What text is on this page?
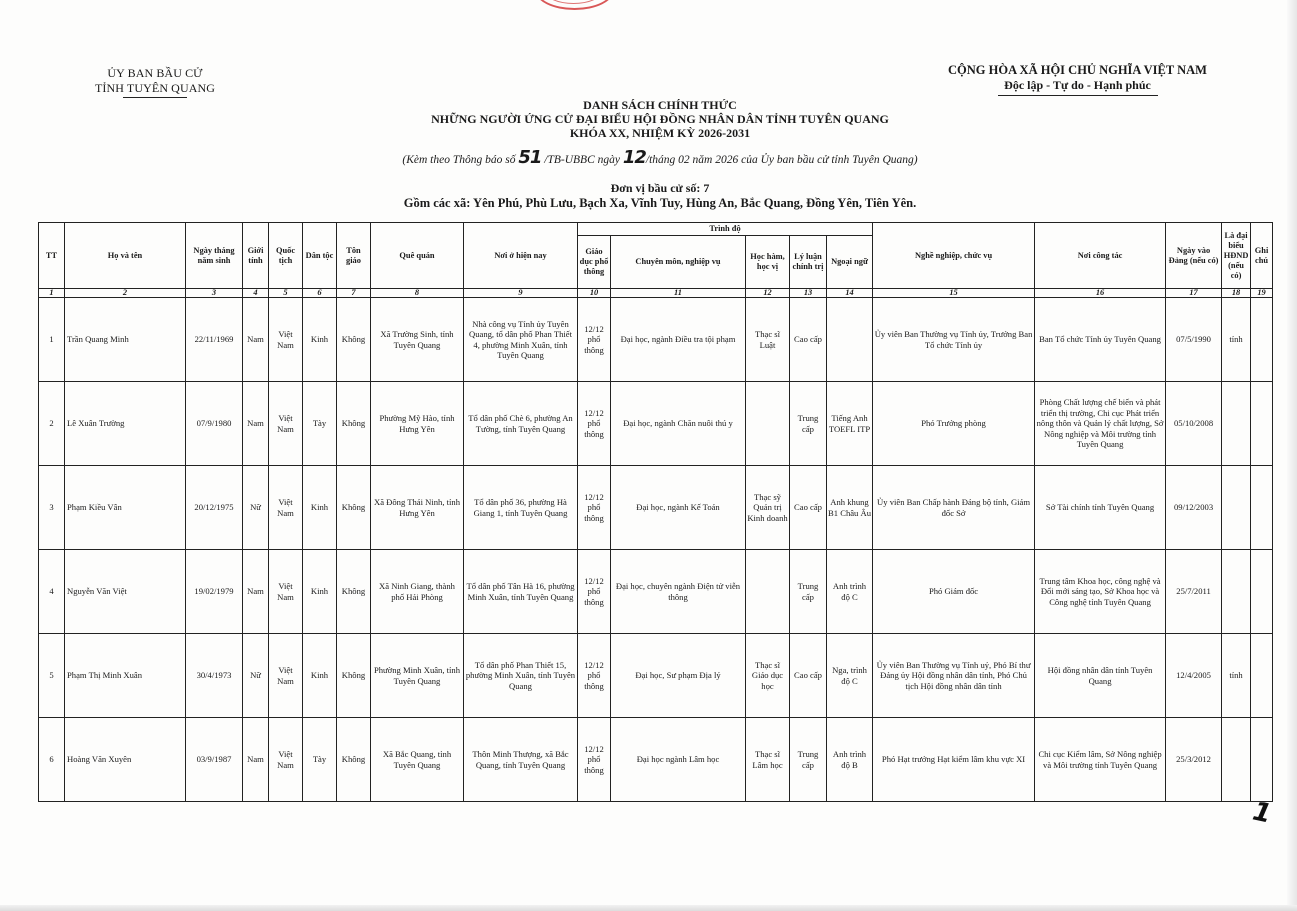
ỦY BAN BẦU CỬ
TỈNH TUYÊN QUANG
CỘNG HÒA XÃ HỘI CHỦ NGHĨA VIỆT NAM
Độc lập - Tự do - Hạnh phúc
DANH SÁCH CHÍNH THỨC
NHỮNG NGƯỜI ỨNG CỬ ĐẠI BIỂU HỘI ĐỒNG NHÂN DÂN TỈNH TUYÊN QUANG
KHÓA XX, NHIỆM KỲ 2026-2031
(Kèm theo Thông báo số 51 /TB-UBBC ngày 12/tháng 02 năm 2026 của Ủy ban bầu cử tỉnh Tuyên Quang)
Đơn vị bầu cử số: 7
Gồm các xã: Yên Phú, Phù Lưu, Bạch Xa, Vĩnh Tuy, Hùng An, Bắc Quang, Đồng Yên, Tiên Yên.
TT	Họ và tên	Ngày tháng năm sinh	Giới tính	Quốc tịch	Dân tộc	Tôn giáo	Quê quán	Nơi ở hiện nay	Trình độ					Nghề nghiệp, chức vụ	Nơi công tác	Ngày vào Đảng (nếu có)	Là đại biểu HĐND (nếu có)	Ghi chú
									Giáo dục phổ thông	Chuyên môn, nghiệp vụ	Học hàm, học vị	Lý luận chính trị	Ngoại ngữ					
1	2	3	4	5	6	7	8	9	10	11	12	13	14	15	16	17	18	19
1	Trần Quang Minh	22/11/1969	Nam	Việt Nam	Kinh	Không	Xã Trường Sinh, tỉnh Tuyên Quang	Nhà công vụ Tỉnh ủy Tuyên Quang, tổ dân phố Phan Thiết 4, phường Minh Xuân, tỉnh Tuyên Quang	12/12 phổ thông	Đại học, ngành Điều tra tội phạm	Thạc sĩ Luật	Cao cấp		Ủy viên Ban Thường vụ Tỉnh ủy, Trưởng Ban Tổ chức Tỉnh ủy	Ban Tổ chức Tỉnh ủy Tuyên Quang	07/5/1990	tỉnh	
2	Lê Xuân Trường	07/9/1980	Nam	Việt Nam	Tày	Không	Phường Mỹ Hào, tỉnh Hưng Yên	Tổ dân phố Chè 6, phường An Tường, tỉnh Tuyên Quang	12/12 phổ thông	Đại học, ngành Chăn nuôi thú y		Trung cấp	Tiếng Anh TOEFL ITP	Phó Trưởng phòng	Phòng Chất lượng chế biến và phát triển thị trường, Chi cục Phát triển nông thôn và Quản lý chất lượng, Sở Nông nghiệp và Môi trường tỉnh Tuyên Quang	05/10/2008		
3	Phạm Kiều Vân	20/12/1975	Nữ	Việt Nam	Kinh	Không	Xã Đông Thái Ninh, tỉnh Hưng Yên	Tổ dân phố 36, phường Hà Giang 1, tỉnh Tuyên Quang	12/12 phổ thông	Đại học, ngành Kế Toán	Thạc sỹ Quản trị Kinh doanh	Cao cấp	Anh khung B1 Châu Âu	Ủy viên Ban Chấp hành Đảng bộ tỉnh, Giám đốc Sở	Sở Tài chính tỉnh Tuyên Quang	09/12/2003		
4	Nguyễn Văn Việt	19/02/1979	Nam	Việt Nam	Kinh	Không	Xã Ninh Giang, thành phố Hải Phòng	Tổ dân phố Tân Hà 16, phường Minh Xuân, tỉnh Tuyên Quang	12/12 phổ thông	Đại học, chuyên ngành Điện tử viễn thông		Trung cấp	Anh trình độ C	Phó Giám đốc	Trung tâm Khoa học, công nghệ và Đổi mới sáng tạo, Sở Khoa học và Công nghệ tỉnh Tuyên Quang	25/7/2011		
5	Phạm Thị Minh Xuân	30/4/1973	Nữ	Việt Nam	Kinh	Không	Phường Minh Xuân, tỉnh Tuyên Quang	Tổ dân phố Phan Thiết 15, phường Minh Xuân, tỉnh Tuyên Quang	12/12 phổ thông	Đại học, Sư phạm Địa lý	Thạc sĩ Giáo dục học	Cao cấp	Nga, trình độ C	Ủy viên Ban Thường vụ Tỉnh uỷ, Phó Bí thư Đảng ủy Hội đồng nhân dân tỉnh, Phó Chủ tịch Hội đồng nhân dân tỉnh	Hội đồng nhân dân tỉnh Tuyên Quang	12/4/2005	tỉnh	
6	Hoàng Văn Xuyên	03/9/1987	Nam	Việt Nam	Tày	Không	Xã Bắc Quang, tỉnh Tuyên Quang	Thôn Minh Thượng, xã Bắc Quang, tỉnh Tuyên Quang	12/12 phổ thông	Đại học ngành Lâm học	Thạc sĩ Lâm học	Trung cấp	Anh trình độ B	Phó Hạt trưởng Hạt kiểm lâm khu vực XI	Chi cục Kiểm lâm, Sở Nông nghiệp và Môi trường tỉnh Tuyên Quang	25/3/2012		
1
